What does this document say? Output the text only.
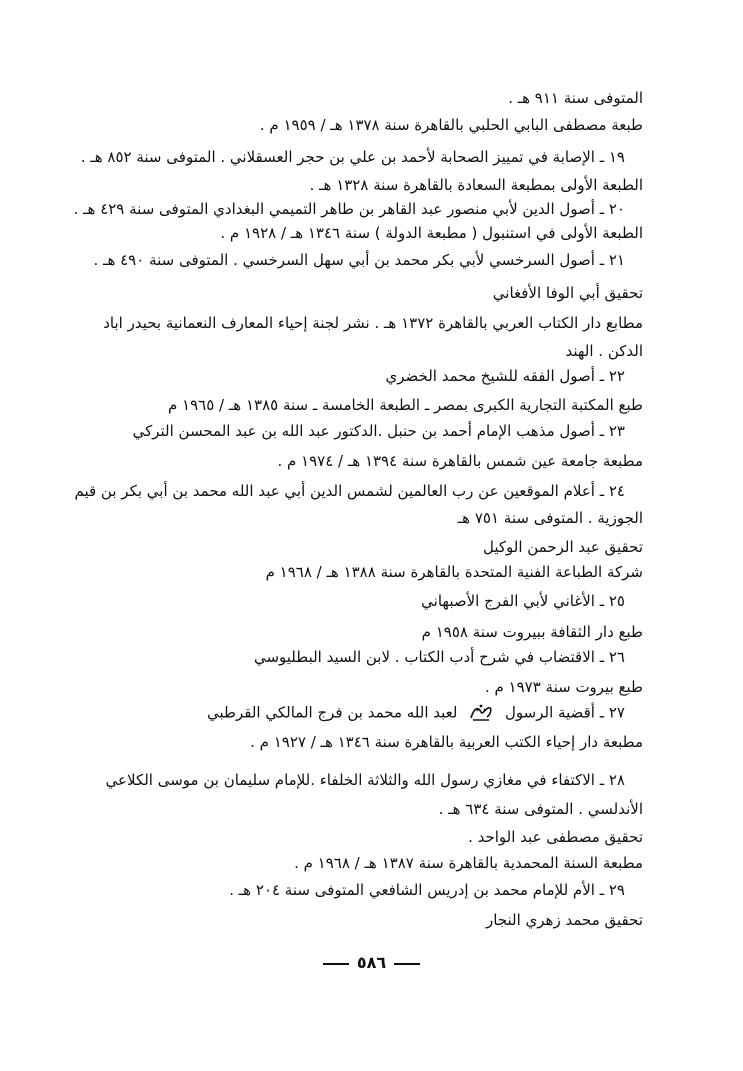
المتوفى سنة ٩١١ هـ .
طبعة مصطفى البابي الحلبي بالقاهرة سنة ١٣٧٨ هـ / ١٩٥٩ م .
١٩ ـ الإصابة في تمييز الصحابة لأحمد بن علي بن حجر العسقلاني . المتوفى سنة ٨٥٢ هـ .
الطبعة الأولى بمطبعة السعادة بالقاهرة سنة ١٣٢٨ هـ .
٢٠ ـ أصول الدين لأبي منصور عبد القاهر بن طاهر التميمي البغدادي المتوفى سنة ٤٢٩ هـ .
الطبعة الأولى في استنبول ( مطبعة الدولة ) سنة ١٣٤٦ هـ / ١٩٢٨ م .
٢١ ـ أصول السرخسي لأبي بكر محمد بن أبي سهل السرخسي . المتوفى سنة ٤٩٠ هـ .
تحقيق أبي الوفا الأفغاني
مطابع دار الكتاب العربي بالقاهرة ١٣٧٢ هـ . نشر لجنة إحياء المعارف النعمانية بحيدر اباد
الدكن . الهند
٢٢ ـ أصول الفقه للشيخ محمد الخضري
طبع المكتبة التجارية الكبرى بمصر ـ الطبعة الخامسة ـ سنة ١٣٨٥ هـ / ١٩٦٥ م
٢٣ ـ أصول مذهب الإمام أحمد بن حنبل .الدكتور عبد الله بن عبد المحسن التركي
مطبعة جامعة عين شمس بالقاهرة سنة ١٣٩٤ هـ / ١٩٧٤ م .
٢٤ ـ أعلام الموقعين عن رب العالمين لشمس الدين أبي عبد الله محمد بن أبي بكر بن قيم
الجوزية . المتوفى سنة ٧٥١ هـ
تحقيق عبد الرحمن الوكيل
شركة الطباعة الفنية المتحدة بالقاهرة سنة ١٣٨٨ هـ / ١٩٦٨ م
٢٥ ـ الأغاني لأبي الفرج الأصبهاني
طبع دار الثقافة ببيروت سنة ١٩٥٨ م
٢٦ ـ الاقتضاب في شرح أدب الكتاب . لابن السيد البطليوسي
طبع بيروت سنة ١٩٧٣ م .
٢٧ ـ أقضية الرسول  لعبد الله محمد بن فرج المالكي القرطبي
مطبعة دار إحياء الكتب العربية بالقاهرة سنة ١٣٤٦ هـ / ١٩٢٧ م .
٢٨ ـ الاكتفاء في مغازي رسول الله والثلاثة الخلفاء .للإمام سليمان بن موسى الكلاعي
الأندلسي . المتوفى سنة ٦٣٤ هـ .
تحقيق مصطفى عبد الواحد .
مطبعة السنة المحمدية بالقاهرة سنة ١٣٨٧ هـ / ١٩٦٨ م .
٢٩ ـ الأم للإمام محمد بن إدريس الشافعي المتوفى سنة ٢٠٤ هـ .
تحقيق محمد زهري النجار
٥٨٦
